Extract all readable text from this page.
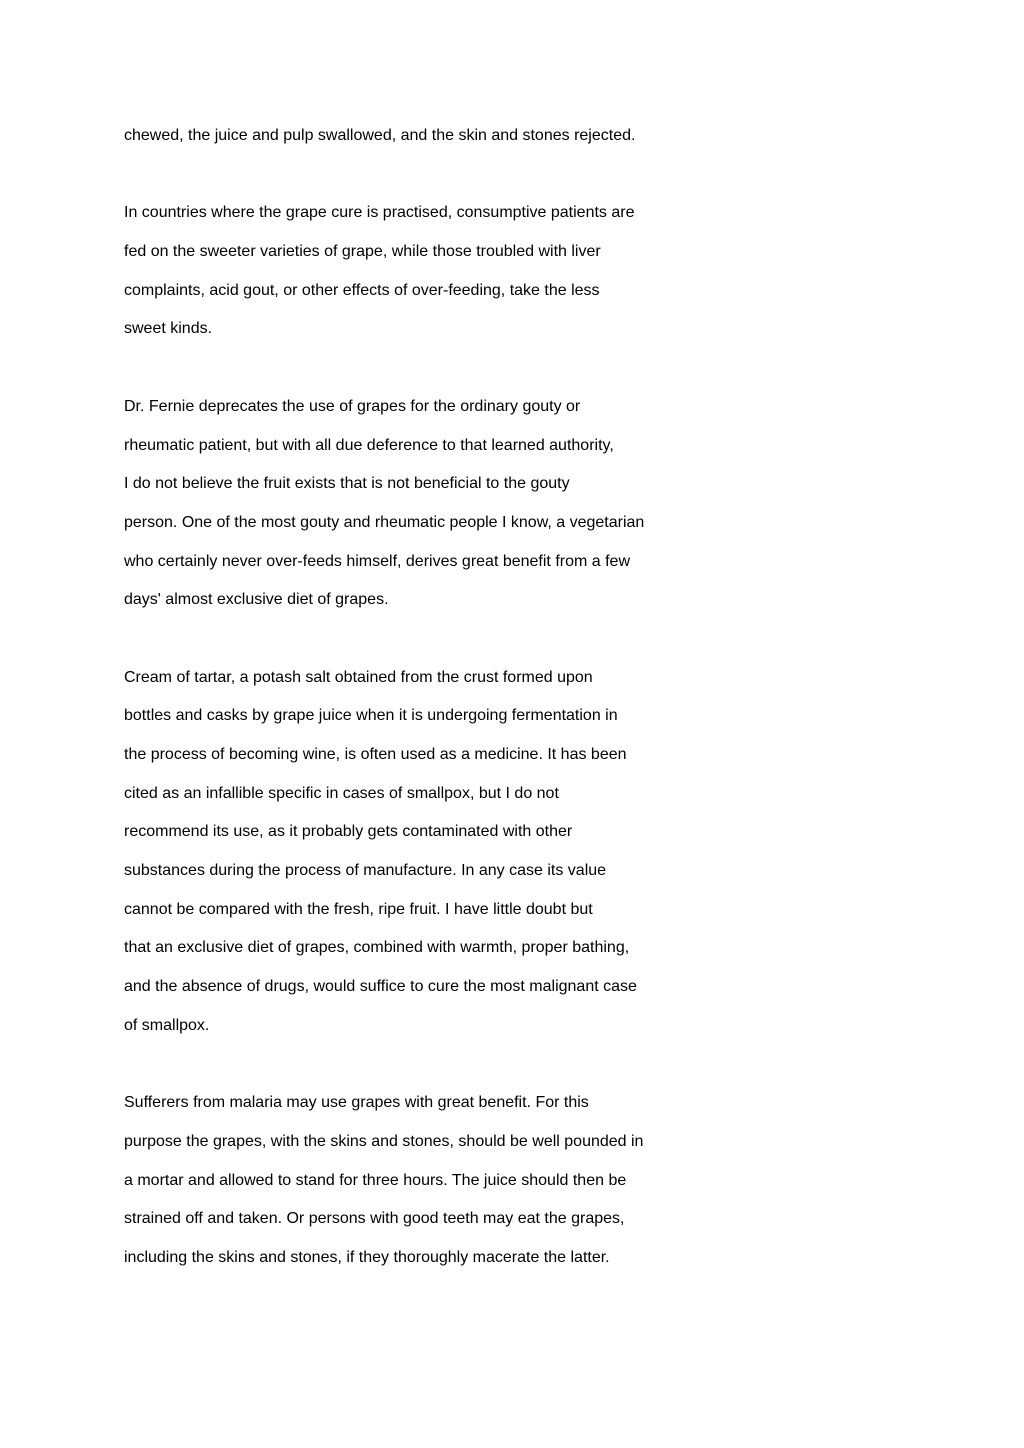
chewed, the juice and pulp swallowed, and the skin and stones rejected.
In countries where the grape cure is practised, consumptive patients are
fed on the sweeter varieties of grape, while those troubled with liver
complaints, acid gout, or other effects of over-feeding, take the less
sweet kinds.
Dr. Fernie deprecates the use of grapes for the ordinary gouty or
rheumatic patient, but with all due deference to that learned authority,
I do not believe the fruit exists that is not beneficial to the gouty
person. One of the most gouty and rheumatic people I know, a vegetarian
who certainly never over-feeds himself, derives great benefit from a few
days' almost exclusive diet of grapes.
Cream of tartar, a potash salt obtained from the crust formed upon
bottles and casks by grape juice when it is undergoing fermentation in
the process of becoming wine, is often used as a medicine. It has been
cited as an infallible specific in cases of smallpox, but I do not
recommend its use, as it probably gets contaminated with other
substances during the process of manufacture. In any case its value
cannot be compared with the fresh, ripe fruit. I have little doubt but
that an exclusive diet of grapes, combined with warmth, proper bathing,
and the absence of drugs, would suffice to cure the most malignant case
of smallpox.
Sufferers from malaria may use grapes with great benefit. For this
purpose the grapes, with the skins and stones, should be well pounded in
a mortar and allowed to stand for three hours. The juice should then be
strained off and taken. Or persons with good teeth may eat the grapes,
including the skins and stones, if they thoroughly macerate the latter.
